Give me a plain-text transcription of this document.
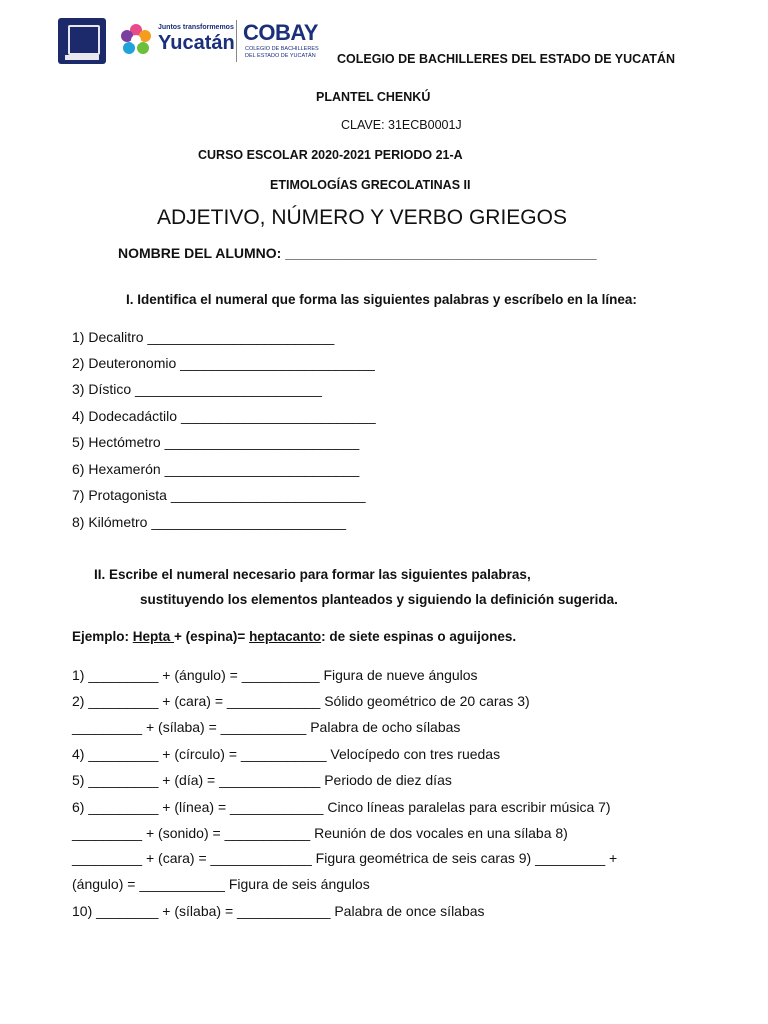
Juntos transformemos
Yucatán COBAY
COLEGIO DE BACHILLERES DEL ESTADO DE YUCATÁN	COLEGIO DE BACHILLERES DEL ESTADO DE YUCATÁN
PLANTEL CHENKÚ
CLAVE: 31ECB0001J
CURSO ESCOLAR 2020-2021 PERIODO 21-A
ETIMOLOGÍAS GRECOLATINAS II
ADJETIVO, NÚMERO Y VERBO GRIEGOS
NOMBRE DEL ALUMNO: ________________________________________
I. Identifica el numeral que forma las siguientes palabras y escríbelo en la línea:
1) Decalitro ________________________
2) Deuteronomio _________________________
3) Dístico ________________________
4) Dodecadáctilo _________________________
5) Hectómetro _________________________
6) Hexamerón _________________________
7) Protagonista _________________________
8) Kilómetro _________________________
II. Escribe el numeral necesario para formar las siguientes palabras,
sustituyendo los elementos planteados y siguiendo la definición sugerida.
Ejemplo: Hepta + (espina)= heptacanto: de siete espinas o aguijones.
1) _________ + (ángulo) = __________ Figura de nueve ángulos
2) _________ + (cara) = ____________ Sólido geométrico de 20 caras 3)
_________ + (sílaba) = ___________ Palabra de ocho sílabas
4) _________ + (círculo) = ___________ Velocípedo con tres ruedas
5) _________ + (día) = _____________ Periodo de diez días
6) _________ + (línea) = ____________ Cinco líneas paralelas para escribir música 7)
_________ + (sonido) = ___________ Reunión de dos vocales en una sílaba 8)
_________ + (cara) = _____________ Figura geométrica de seis caras 9) _________ +
(ángulo) = ___________ Figura de seis ángulos
10) ________ + (sílaba) = ____________ Palabra de once sílabas
